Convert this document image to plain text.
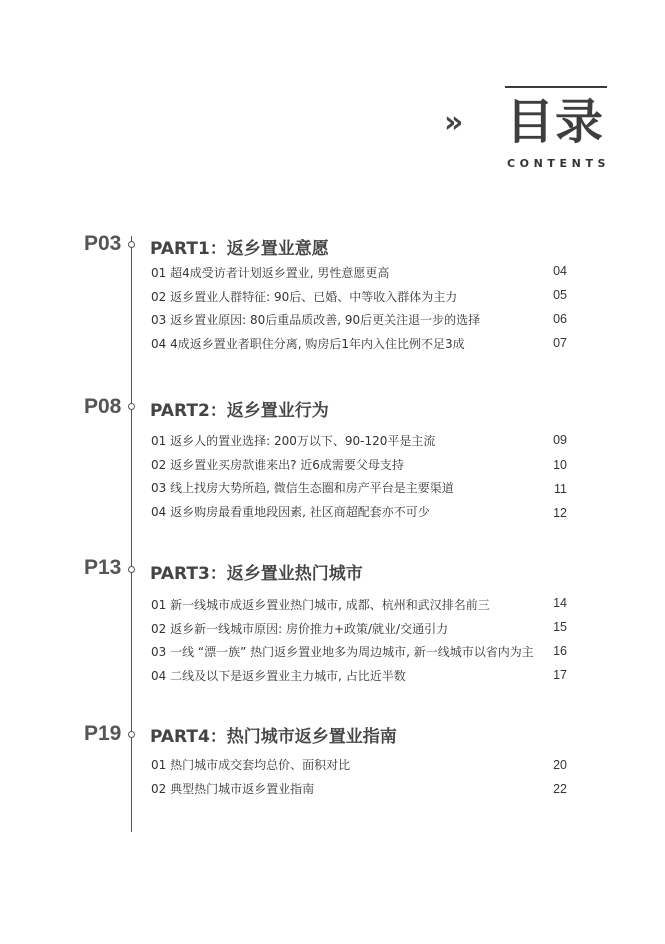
» 目录
CONTENTS
P03 PART1：返乡置业意愿
01 超4成受访者计划返乡置业, 男性意愿更高	04
02 返乡置业人群特征: 90后、已婚、中等收入群体为主力	05
03 返乡置业原因: 80后重品质改善, 90后更关注退一步的选择	06
04 4成返乡置业者职住分离, 购房后1年内入住比例不足3成	07
P08 PART2：返乡置业行为
01 返乡人的置业选择: 200万以下、90-120平是主流	09
02 返乡置业买房款谁来出? 近6成需要父母支持	10
03 线上找房大势所趋, 微信生态圈和房产平台是主要渠道	11
04 返乡购房最看重地段因素, 社区商超配套亦不可少	12
P13 PART3：返乡置业热门城市
01 新一线城市成返乡置业热门城市, 成都、杭州和武汉排名前三	14
02 返乡新一线城市原因: 房价推力+政策/就业/交通引力	15
03 一线 “漂一族” 热门返乡置业地多为周边城市, 新一线城市以省内为主	16
04 二线及以下是返乡置业主力城市, 占比近半数	17
P19 PART4：热门城市返乡置业指南
01 热门城市成交套均总价、面积对比	20
02 典型热门城市返乡置业指南	22
